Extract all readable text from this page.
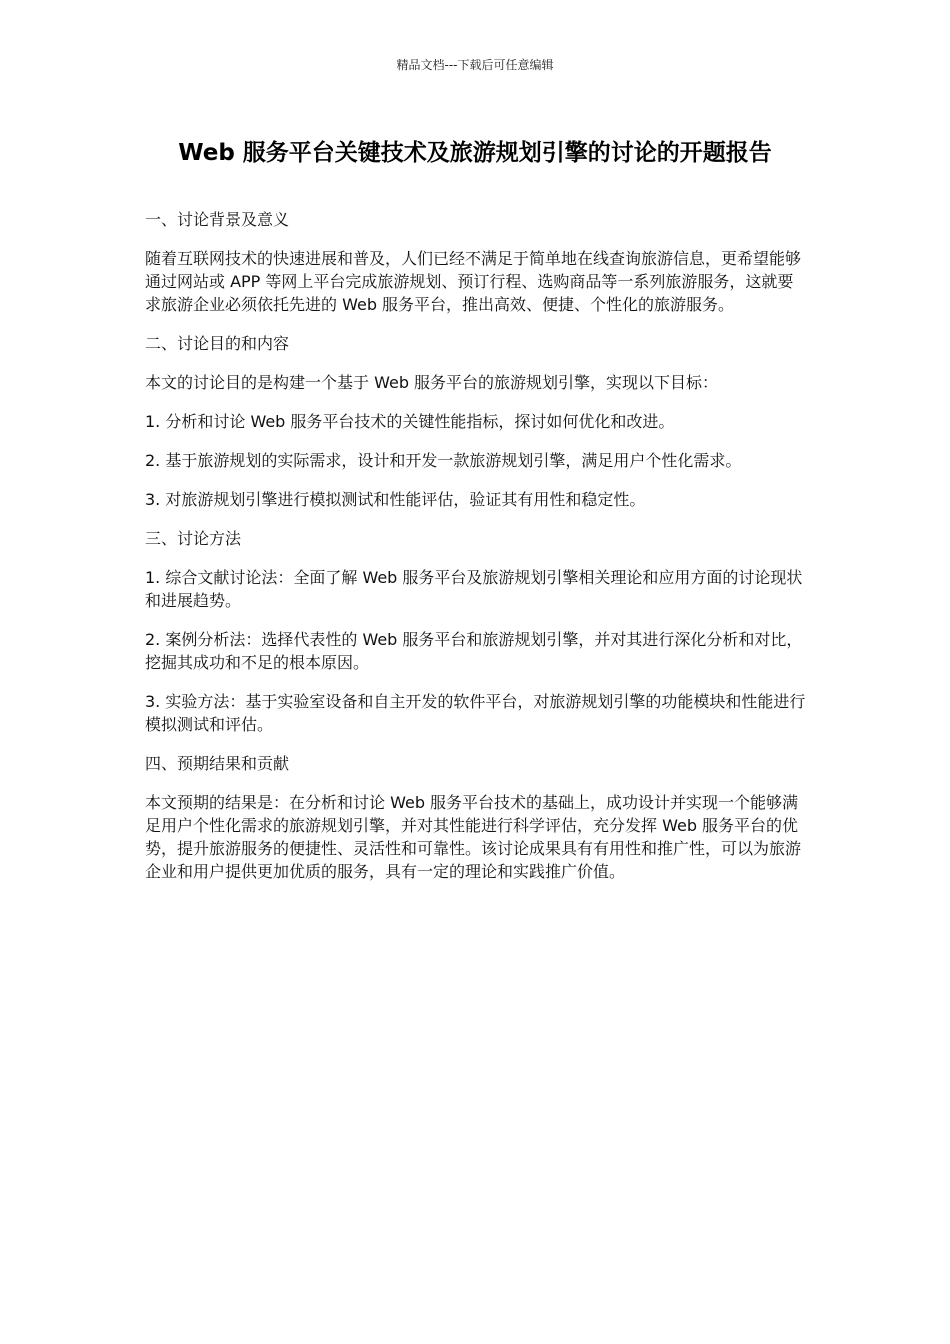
精品文档---下载后可任意编辑
Web 服务平台关键技术及旅游规划引擎的讨论的开题报告

一、讨论背景及意义

随着互联网技术的快速进展和普及，人们已经不满足于简单地在线查询旅游信息，更希望能够通过网站或 APP 等网上平台完成旅游规划、预订行程、选购商品等一系列旅游服务，这就要求旅游企业必须依托先进的 Web 服务平台，推出高效、便捷、个性化的旅游服务。

二、讨论目的和内容

本文的讨论目的是构建一个基于 Web 服务平台的旅游规划引擎，实现以下目标：

1. 分析和讨论 Web 服务平台技术的关键性能指标，探讨如何优化和改进。

2. 基于旅游规划的实际需求，设计和开发一款旅游规划引擎，满足用户个性化需求。

3. 对旅游规划引擎进行模拟测试和性能评估，验证其有用性和稳定性。

三、讨论方法

1. 综合文献讨论法：全面了解 Web 服务平台及旅游规划引擎相关理论和应用方面的讨论现状和进展趋势。

2. 案例分析法：选择代表性的 Web 服务平台和旅游规划引擎，并对其进行深化分析和对比，挖掘其成功和不足的根本原因。

3. 实验方法：基于实验室设备和自主开发的软件平台，对旅游规划引擎的功能模块和性能进行模拟测试和评估。

四、预期结果和贡献

本文预期的结果是：在分析和讨论 Web 服务平台技术的基础上，成功设计并实现一个能够满足用户个性化需求的旅游规划引擎，并对其性能进行科学评估，充分发挥 Web 服务平台的优势，提升旅游服务的便捷性、灵活性和可靠性。该讨论成果具有有用性和推广性，可以为旅游企业和用户提供更加优质的服务，具有一定的理论和实践推广价值。
